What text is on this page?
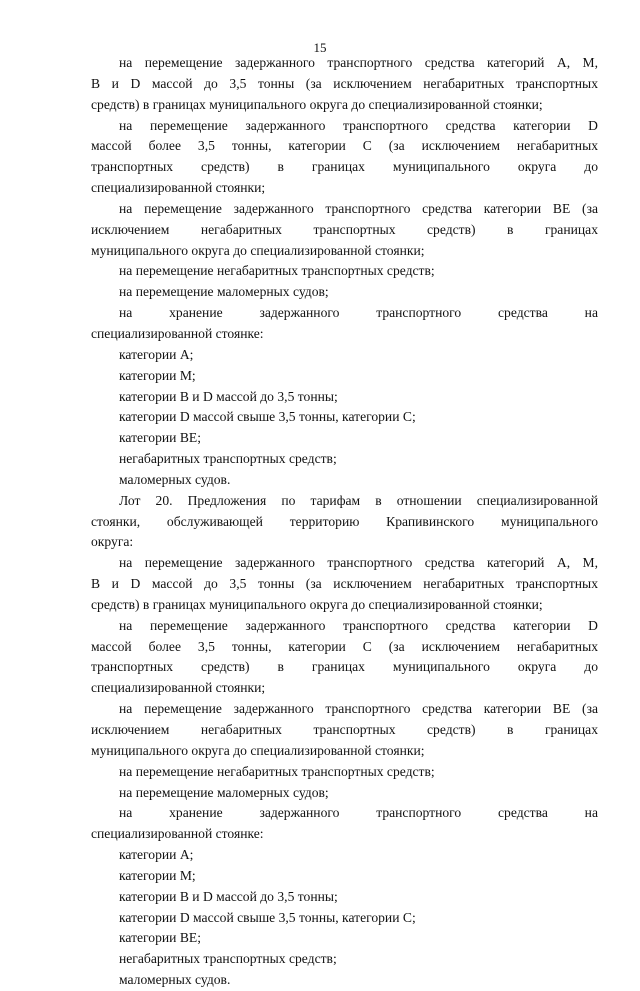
15
на перемещение задержанного транспортного средства категорий А, М,
В и D массой до 3,5 тонны (за исключением негабаритных транспортных
средств) в границах муниципального округа до специализированной стоянки;
на перемещение задержанного транспортного средства категории D
массой более 3,5 тонны, категории С (за исключением негабаритных
транспортных средств) в границах муниципального округа до
специализированной стоянки;
на перемещение задержанного транспортного средства категории ВЕ (за
исключением негабаритных транспортных средств) в границах
муниципального округа до специализированной стоянки;
на перемещение негабаритных транспортных средств;
на перемещение маломерных судов;
на хранение задержанного транспортного средства на
специализированной стоянке:
категории А;
категории М;
категории В и D массой до 3,5 тонны;
категории D массой свыше 3,5 тонны, категории С;
категории ВЕ;
негабаритных транспортных средств;
маломерных судов.
Лот 20. Предложения по тарифам в отношении специализированной
стоянки, обслуживающей территорию Крапивинского муниципального
округа:
на перемещение задержанного транспортного средства категорий А, М,
В и D массой до 3,5 тонны (за исключением негабаритных транспортных
средств) в границах муниципального округа до специализированной стоянки;
на перемещение задержанного транспортного средства категории D
массой более 3,5 тонны, категории С (за исключением негабаритных
транспортных средств) в границах муниципального округа до
специализированной стоянки;
на перемещение задержанного транспортного средства категории ВЕ (за
исключением негабаритных транспортных средств) в границах
муниципального округа до специализированной стоянки;
на перемещение негабаритных транспортных средств;
на перемещение маломерных судов;
на хранение задержанного транспортного средства на
специализированной стоянке:
категории А;
категории М;
категории В и D массой до 3,5 тонны;
категории D массой свыше 3,5 тонны, категории С;
категории ВЕ;
негабаритных транспортных средств;
маломерных судов.
